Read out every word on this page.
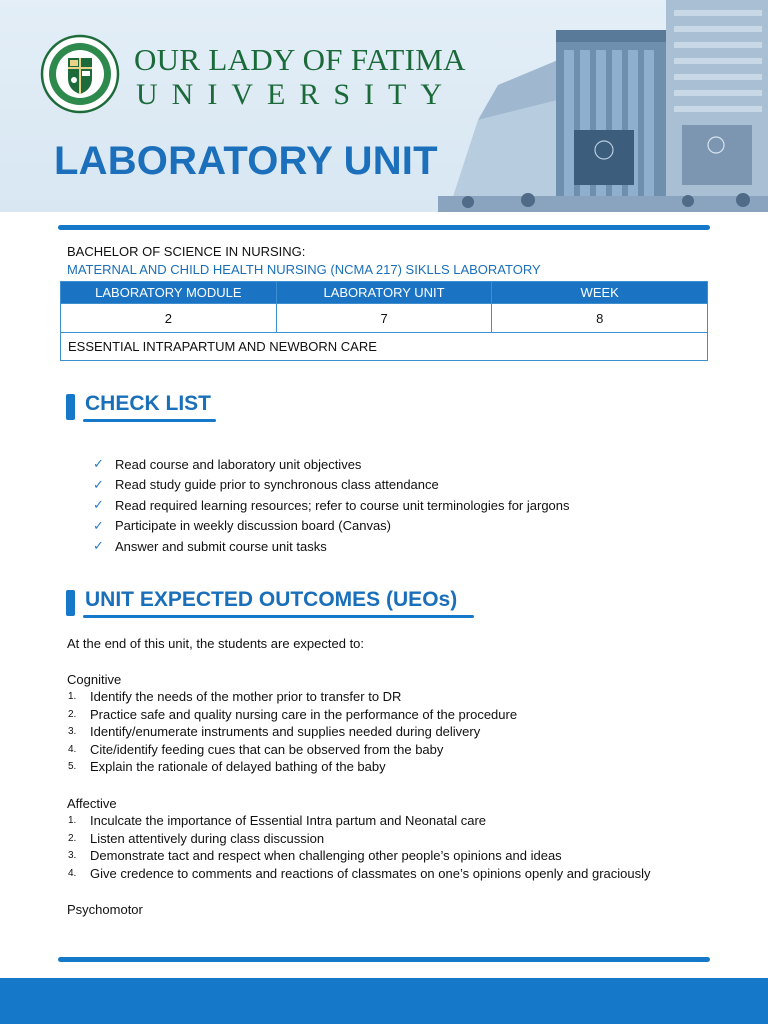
OUR LADY OF FATIMA
UNIVERSITY
LABORATORY UNIT
BACHELOR OF SCIENCE IN NURSING:
MATERNAL AND CHILD HEALTH NURSING (NCMA 217) SIKLLS LABORATORY
LABORATORY MODULE	LABORATORY UNIT	WEEK
2	7	8
ESSENTIAL INTRAPARTUM AND NEWBORN CARE		
CHECK LIST
✓ Read course and laboratory unit objectives
✓ Read study guide prior to synchronous class attendance
✓ Read required learning resources; refer to course unit terminologies for jargons
✓ Participate in weekly discussion board (Canvas)
✓ Answer and submit course unit tasks
UNIT EXPECTED OUTCOMES (UEOs)
At the end of this unit, the students are expected to:
Cognitive
1.	Identify the needs of the mother prior to transfer to DR
2.	Practice safe and quality nursing care in the performance of the procedure
3.	Identify/enumerate instruments and supplies needed during delivery
4.	Cite/identify feeding cues that can be observed from the baby
5.	Explain the rationale of delayed bathing of the baby
Affective
1.	Inculcate the importance of Essential Intra partum and Neonatal care
2.	Listen attentively during class discussion
3.	Demonstrate tact and respect when challenging other people’s opinions and ideas
4.	Give credence to comments and reactions of classmates on one’s opinions openly and graciously
Psychomotor
